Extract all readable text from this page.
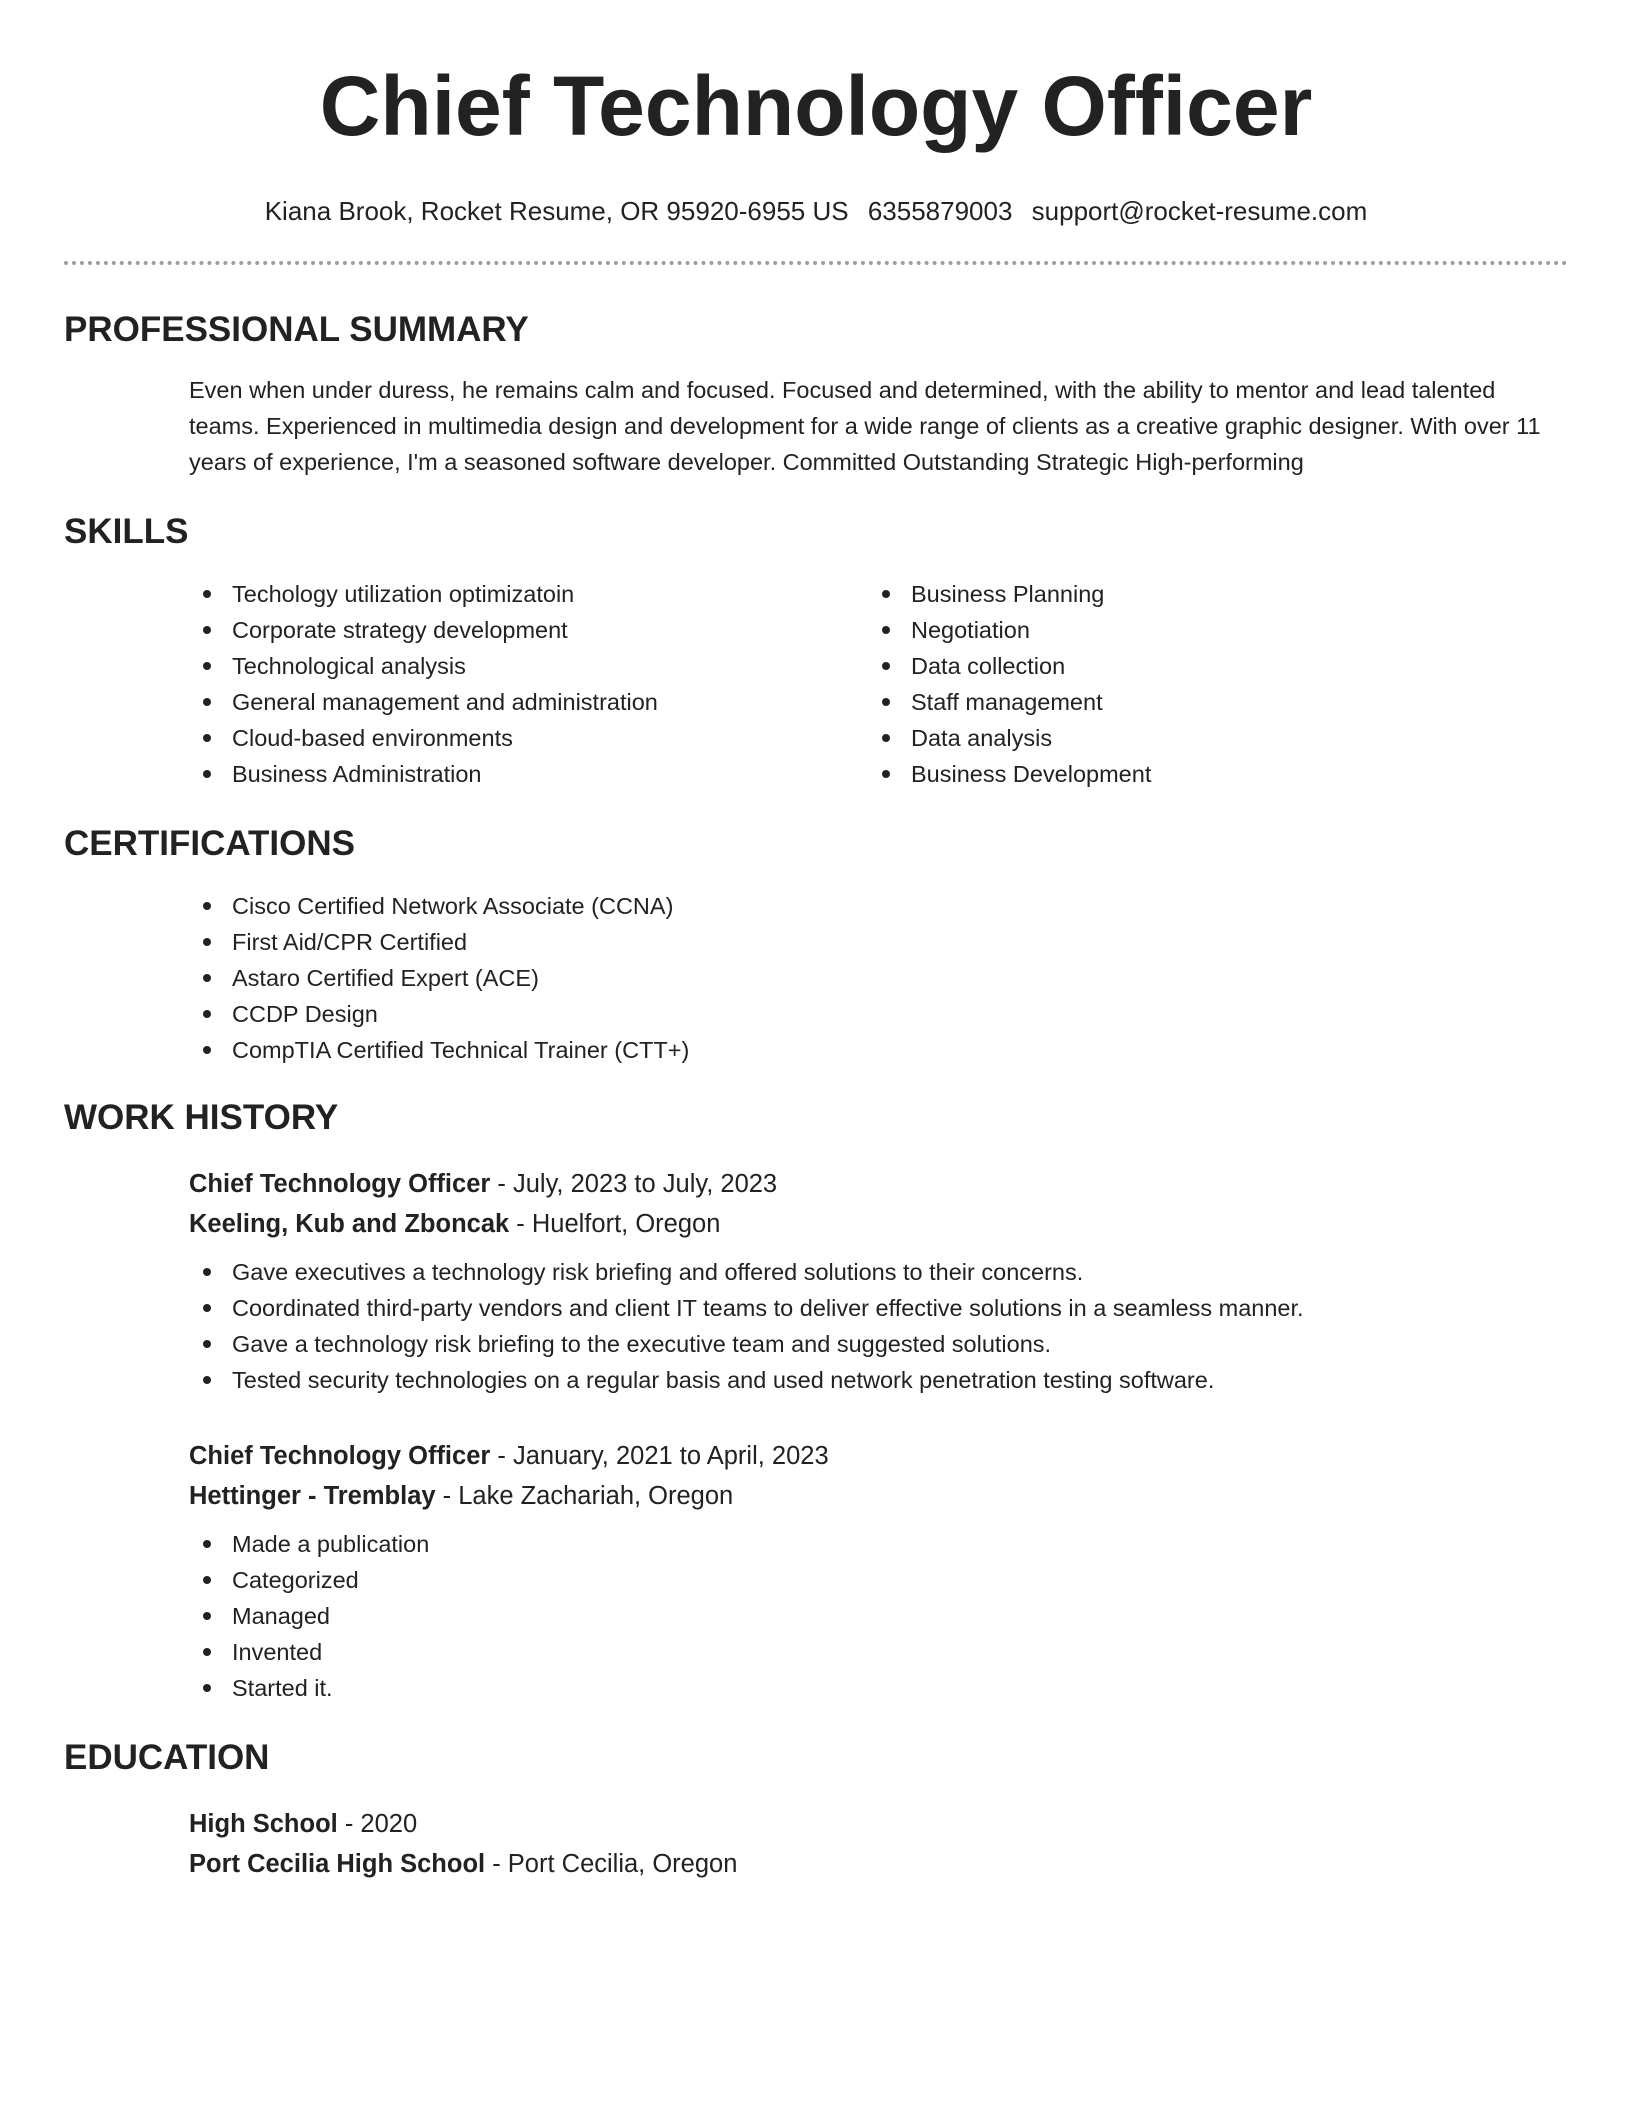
Chief Technology Officer
Kiana Brook, Rocket Resume, OR 95920-6955 US 6355879003 support@rocket-resume.com
PROFESSIONAL SUMMARY
Even when under duress, he remains calm and focused. Focused and determined, with the ability to mentor and lead talented teams. Experienced in multimedia design and development for a wide range of clients as a creative graphic designer. With over 11 years of experience, I'm a seasoned software developer. Committed Outstanding Strategic High-performing
SKILLS
Techology utilization optimizatoin
Corporate strategy development
Technological analysis
General management and administration
Cloud-based environments
Business Administration
Business Planning
Negotiation
Data collection
Staff management
Data analysis
Business Development
CERTIFICATIONS
Cisco Certified Network Associate (CCNA)
First Aid/CPR Certified
Astaro Certified Expert (ACE)
CCDP Design
CompTIA Certified Technical Trainer (CTT+)
WORK HISTORY
Chief Technology Officer - July, 2023 to July, 2023
Keeling, Kub and Zboncak - Huelfort, Oregon
Gave executives a technology risk briefing and offered solutions to their concerns.
Coordinated third-party vendors and client IT teams to deliver effective solutions in a seamless manner.
Gave a technology risk briefing to the executive team and suggested solutions.
Tested security technologies on a regular basis and used network penetration testing software.
Chief Technology Officer - January, 2021 to April, 2023
Hettinger - Tremblay - Lake Zachariah, Oregon
Made a publication
Categorized
Managed
Invented
Started it.
EDUCATION
High School - 2020
Port Cecilia High School - Port Cecilia, Oregon
